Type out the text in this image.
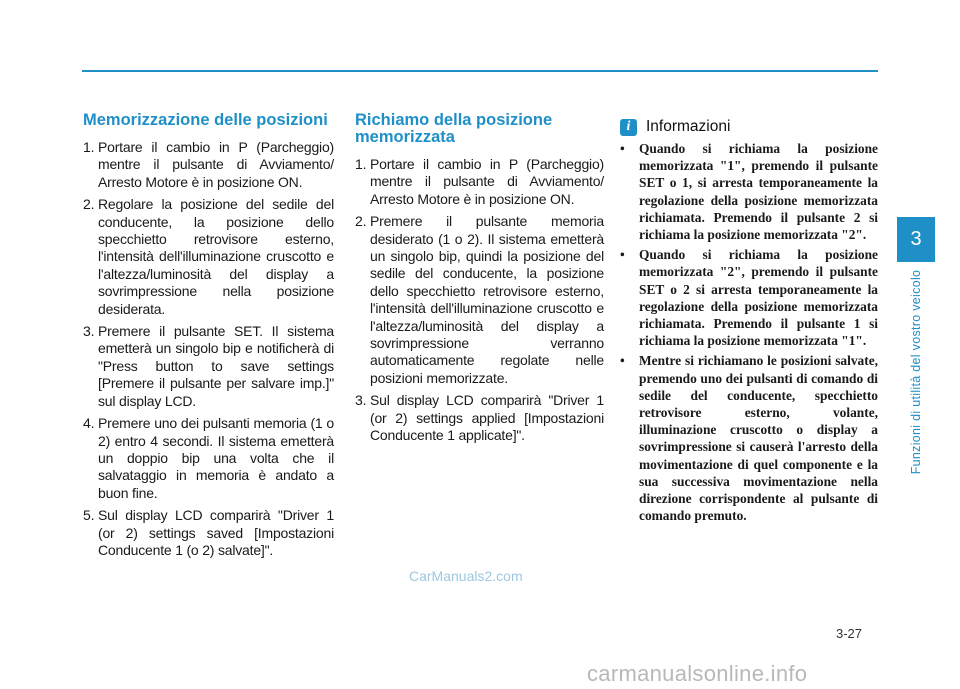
Memorizzazione delle posizioni
1. Portare il cambio in P (Parcheggio) mentre il pulsante di Avviamento/ Arresto Motore è in posizione ON.
2. Regolare la posizione del sedile del conducente, la posizione dello specchietto retrovisore esterno, l'intensità dell'illuminazione cruscotto e l'altezza/luminosità del display a sovrimpressione nella posizione desiderata.
3. Premere il pulsante SET. Il sistema emetterà un singolo bip e notificherà di "Press button to save settings [Premere il pulsante per salvare imp.]" sul display LCD.
4. Premere uno dei pulsanti memoria (1 o 2) entro 4 secondi. Il sistema emetterà un doppio bip una volta che il salvataggio in memoria è andato a buon fine.
5. Sul display LCD comparirà "Driver 1 (or 2) settings saved [Impostazioni Conducente 1 (o 2) salvate]".
Richiamo della posizione memorizzata
1. Portare il cambio in P (Parcheggio) mentre il pulsante di Avviamento/ Arresto Motore è in posizione ON.
2. Premere il pulsante memoria desiderato (1 o 2). Il sistema emetterà un singolo bip, quindi la posizione del sedile del conducente, la posizione dello specchietto retrovisore esterno, l'intensità dell'illuminazione cruscotto e l'altezza/luminosità del display a sovrimpressione verranno automaticamente regolate nelle posizioni memorizzate.
3. Sul display LCD comparirà "Driver 1 (or 2) settings applied [Impostazioni Conducente 1 applicate]".
i	Informazioni
•	Quando si richiama la posizione memorizzata "1", premendo il pulsante SET o 1, si arresta temporaneamente la regolazione della posizione memorizzata richiamata. Premendo il pulsante 2 si richiama la posizione memorizzata "2".
•	Quando si richiama la posizione memorizzata "2", premendo il pulsante SET o 2 si arresta temporaneamente la regolazione della posizione memorizzata richiamata. Premendo il pulsante 1 si richiama la posizione memorizzata "1".
•	Mentre si richiamano le posizioni salvate, premendo uno dei pulsanti di comando di sedile del conducente, specchietto retrovisore esterno, volante, illuminazione cruscotto o display a sovrimpressione si causerà l'arresto della movimentazione di quel componente e la sua successiva movimentazione nella direzione corrispondente al pulsante di comando premuto.
3
Funzioni di utilità del vostro veicolo
CarManuals2.com
3-27
carmanualsonline.info
